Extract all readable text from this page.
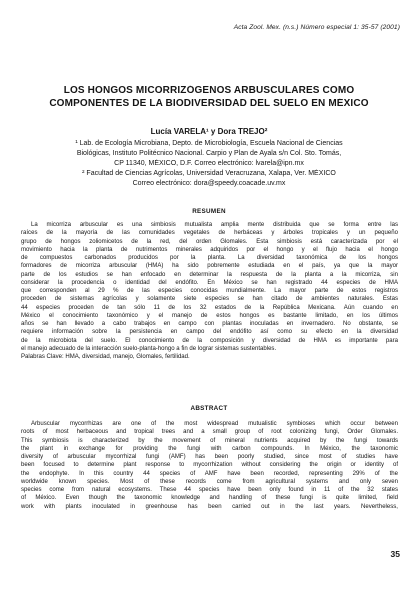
Acta Zool. Mex. (n.s.) Número especial 1: 35-57 (2001)
LOS HONGOS MICORRIZÓGENOS ARBUSCULARES COMO
COMPONENTES DE LA BIODIVERSIDAD DEL SUELO EN MÉXICO
Lucía VARELA¹ y Dora TREJO²
¹ Lab. de Ecología Microbiana, Depto. de Microbiología, Escuela Nacional de Ciencias
Biológicas, Instituto Politécnico Nacional. Carpio y Plan de Ayala s/n Col. Sto. Tomás,
CP 11340, MÉXICO, D.F. Correo electrónico: lvarela@ipn.mx
² Facultad de Ciencias Agrícolas, Universidad Veracruzana, Xalapa, Ver. MÉXICO
Correo electrónico: dora@speedy.coacade.uv.mx
RESUMEN
La micorriza arbuscular es una simbiosis mutualista amplia mente distribuida que se forma entre las
raíces de la mayoría de las comunidades vegetales de herbáceas y árboles tropicales y un pequeño
grupo de hongos zoliomicetos de la red, del orden Glomales. Esta simbiosis está caracterizada por el
movimiento hacia la planta de nutrimentos minerales adquiridos por el hongo y el flujo hacia el hongo
de compuestos carbonados producidos por la planta. La diversidad taxonómica de los hongos
formadores de micorriza arbuscular (HMA) ha sido pobremente estudiada en el país, ya que la mayor
parte de los estudios se han enfocado en determinar la respuesta de la planta a la micorriza, sin
considerar la procedencia o identidad del endófito. En México se han registrado 44 especies de HMA
que corresponden al 29 % de las especies conocidas mundialmente. La mayor parte de estos registros
proceden de sistemas agrícolas y solamente siete especies se han citado de ambientes naturales. Estas
44 especies proceden de tan sólo 11 de los 32 estados de la República Mexicana. Aún cuando en
México el conocimiento taxonómico y el manejo de estos hongos es bastante limitado, en los últimos
años se han llevado a cabo trabajos en campo con plantas inoculadas en invernadero. No obstante, se
requiere información sobre la persistencia en campo del endófito así como su efecto en la diversidad
de la microbiota del suelo. El conocimiento de la composición y diversidad de HMA es importante para
el manejo adecuado de la interacción suelo-planta-hongo a fin de lograr sistemas sustentables.
Palabras Clave: HMA, diversidad, manejo, Glomales, fertilidad.
ABSTRACT
Arbuscular mycorrhizas are one of the most widespread mutualistic symbioses which occur between
roots of most herbaceous and tropical trees and a small group of root colonizing fungi, Order Glomales.
This symbiosis is characterized by the movement of mineral nutrients acquired by the fungi towards
the plant in exchange for providing the fungi with carbon compounds. In México, the taxonomic
diversity of arbuscular mycorrhizal fungi (AMF) has been poorly studied, since most of studies have
been focused to determine plant response to mycorrhization without considering the origin or identity of
the endophyte. In this country 44 species of AMF have been recorded, representing 29% of the
worldwide known species. Most of these records come from agricultural systems and only seven
species come from natural ecosystems. These 44 species have been only found in 11 of the 32 states
of México. Even though the taxonomic knowledge and handling of these fungi is quite limited, field
work with plants inoculated in greenhouse has been carried out in the last years. Nevertheless,
35
